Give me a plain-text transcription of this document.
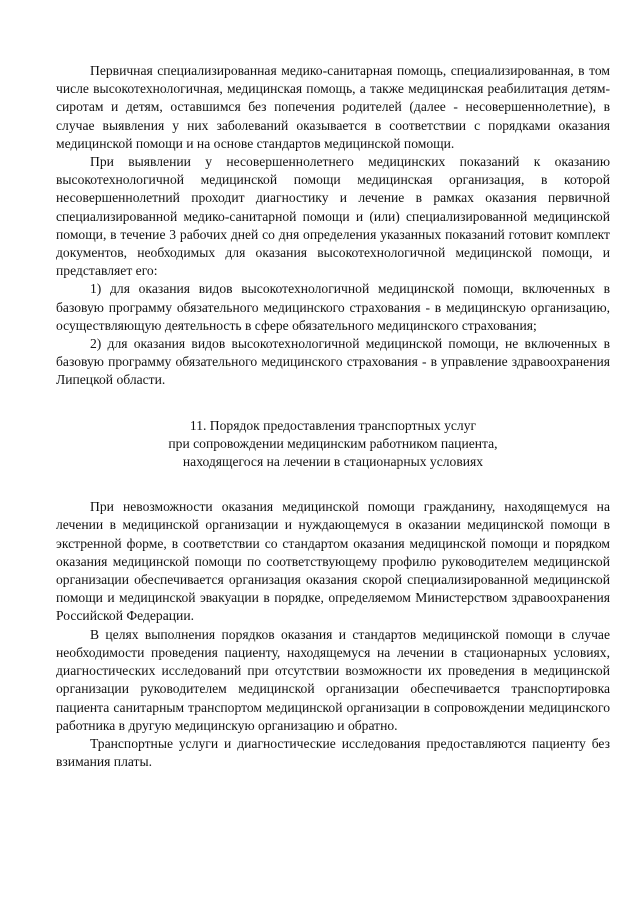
Первичная специализированная медико-санитарная помощь, специализированная, в том числе высокотехнологичная, медицинская помощь, а также медицинская реабилитация детям-сиротам и детям, оставшимся без попечения родителей (далее - несовершеннолетние), в случае выявления у них заболеваний оказывается в соответствии с порядками оказания медицинской помощи и на основе стандартов медицинской помощи.

При выявлении у несовершеннолетнего медицинских показаний к оказанию высокотехнологичной медицинской помощи медицинская организация, в которой несовершеннолетний проходит диагностику и лечение в рамках оказания первичной специализированной медико-санитарной помощи и (или) специализированной медицинской помощи, в течение 3 рабочих дней со дня определения указанных показаний готовит комплект документов, необходимых для оказания высокотехнологичной медицинской помощи, и представляет его:

1) для оказания видов высокотехнологичной медицинской помощи, включенных в базовую программу обязательного медицинского страхования - в медицинскую организацию, осуществляющую деятельность в сфере обязательного медицинского страхования;

2) для оказания видов высокотехнологичной медицинской помощи, не включенных в базовую программу обязательного медицинского страхования - в управление здравоохранения Липецкой области.

11. Порядок предоставления транспортных услуг
при сопровождении медицинским работником пациента,
находящегося на лечении в стационарных условиях

При невозможности оказания медицинской помощи гражданину, находящемуся на лечении в медицинской организации и нуждающемуся в оказании медицинской помощи в экстренной форме, в соответствии со стандартом оказания медицинской помощи и порядком оказания медицинской помощи по соответствующему профилю руководителем медицинской организации обеспечивается организация оказания скорой специализированной медицинской помощи и медицинской эвакуации в порядке, определяемом Министерством здравоохранения Российской Федерации.

В целях выполнения порядков оказания и стандартов медицинской помощи в случае необходимости проведения пациенту, находящемуся на лечении в стационарных условиях, диагностических исследований при отсутствии возможности их проведения в медицинской организации руководителем медицинской организации обеспечивается транспортировка пациента санитарным транспортом медицинской организации в сопровождении медицинского работника в другую медицинскую организацию и обратно.

Транспортные услуги и диагностические исследования предоставляются пациенту без взимания платы.
